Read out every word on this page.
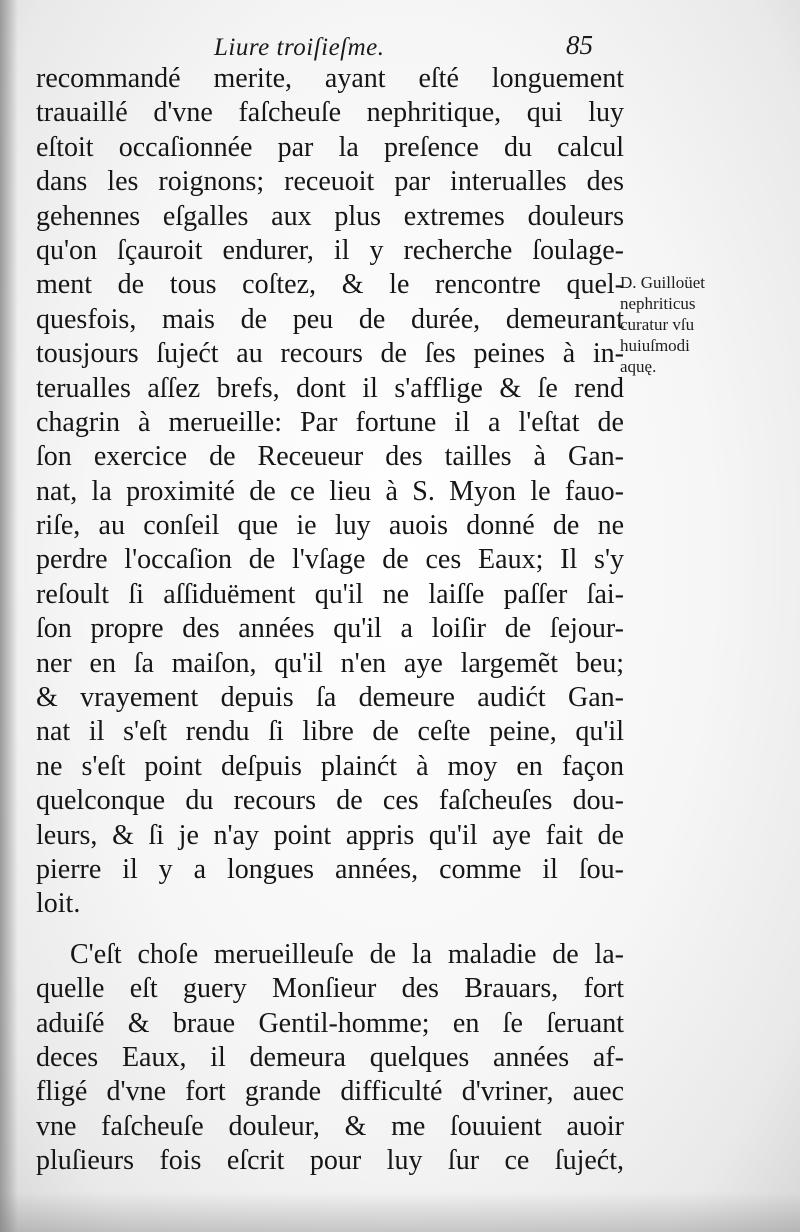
Liure troiſieſme.	85
recommandé merite, ayant eſté longuement
trauaillé d'vne faſcheuſe nephritique, qui luy
eſtoit occaſionnée par la preſence du calcul
dans les roignons; receuoit par interualles des
gehennes eſgalles aux plus extremes douleurs
qu'on ſçauroit endurer, il y recherche ſoulage-
ment de tous coſtez, & le rencontre quel-
quesfois, mais de peu de durée, demeurant
tousjours ſujećt au recours de ſes peines à in-
terualles aſſez brefs, dont il s'afflige & ſe rend
chagrin à merueille: Par fortune il a l'eſtat de
ſon exercice de Receueur des tailles à Gan-
nat, la proximité de ce lieu à S. Myon le fauo-
riſe, au conſeil que ie luy auois donné de ne
perdre l'occaſion de l'vſage de ces Eaux; Il s'y
reſoult ſi aſſiduëment qu'il ne laiſſe paſſer ſai-
ſon propre des années qu'il a loiſir de ſejour-
ner en ſa maiſon, qu'il n'en aye largemẽt beu;
& vrayement depuis ſa demeure audićt Gan-
nat il s'eſt rendu ſi libre de ceſte peine, qu'il
ne s'eſt point deſpuis plainćt à moy en façon
quelconque du recours de ces faſcheuſes dou-
leurs, & ſi je n'ay point appris qu'il aye fait de
pierre il y a longues années, comme il ſou-
loit.
C'eſt choſe merueilleuſe de la maladie de la-
quelle eſt guery Monſieur des Brauars, fort
aduiſé & braue Gentil-homme; en ſe ſeruant
deces Eaux, il demeura quelques années af-
fligé d'vne fort grande difficulté d'vriner, auec
vne faſcheuſe douleur, & me ſouuient auoir
pluſieurs fois eſcrit pour luy ſur ce ſujećt,
D. Guilloüet
nephriticus
curatur vſu
huiuſmodi
aquę.
